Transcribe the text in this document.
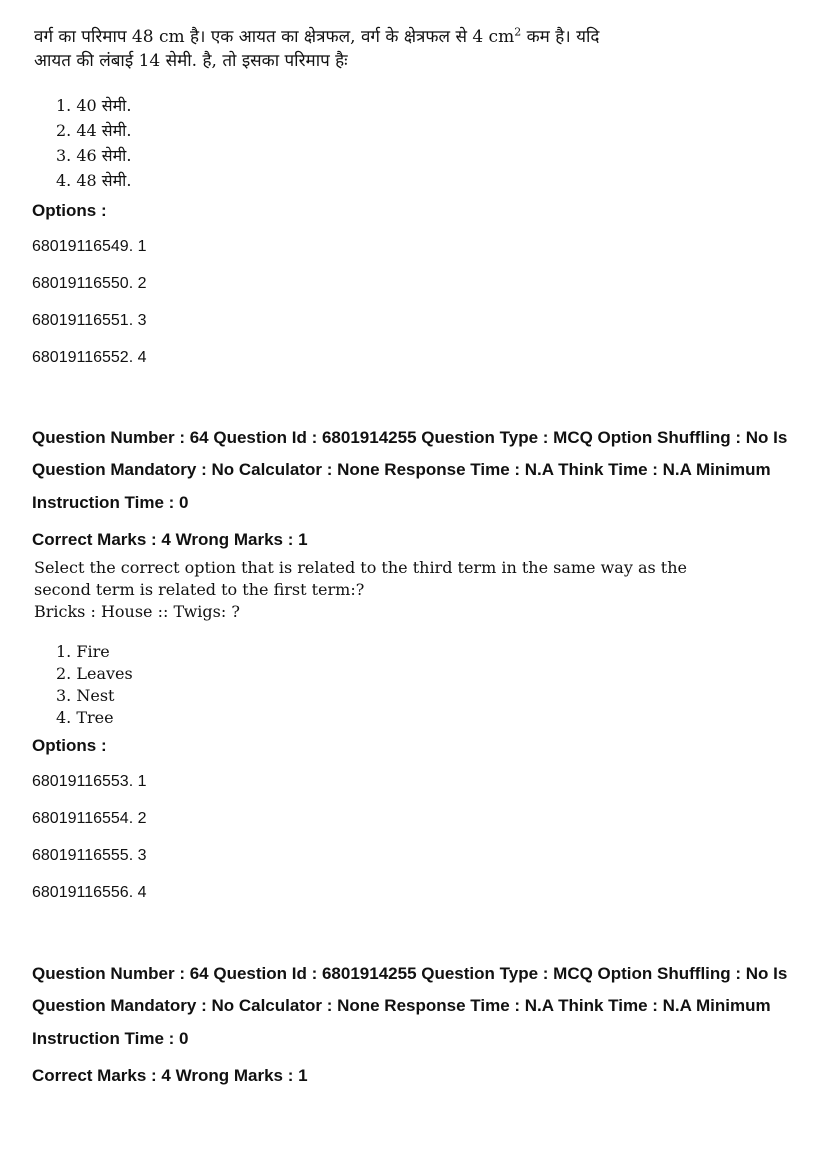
वर्ग का परिमाप 48 cm है। एक आयत का क्षेत्रफल, वर्ग के क्षेत्रफल से 4 $cm^2$ कम है। यदि
आयत की लंबाई 14 सेमी. है, तो इसका परिमाप हैः
1. 40 सेमी.
2. 44 सेमी.
3. 46 सेमी.
4. 48 सेमी.
Options :
68019116549. 1
68019116550. 2
68019116551. 3
68019116552. 4
Question Number : 64 Question Id : 6801914255 Question Type : MCQ Option Shuffling : No Is
Question Mandatory : No Calculator : None Response Time : N.A Think Time : N.A Minimum
Instruction Time : 0
Correct Marks : 4 Wrong Marks : 1
Select the correct option that is related to the third term in the same way as the
second term is related to the first term:?
Bricks : House :: Twigs: ?
1. Fire
2. Leaves
3. Nest
4. Tree
Options :
68019116553. 1
68019116554. 2
68019116555. 3
68019116556. 4
Question Number : 64 Question Id : 6801914255 Question Type : MCQ Option Shuffling : No Is
Question Mandatory : No Calculator : None Response Time : N.A Think Time : N.A Minimum
Instruction Time : 0
Correct Marks : 4 Wrong Marks : 1
